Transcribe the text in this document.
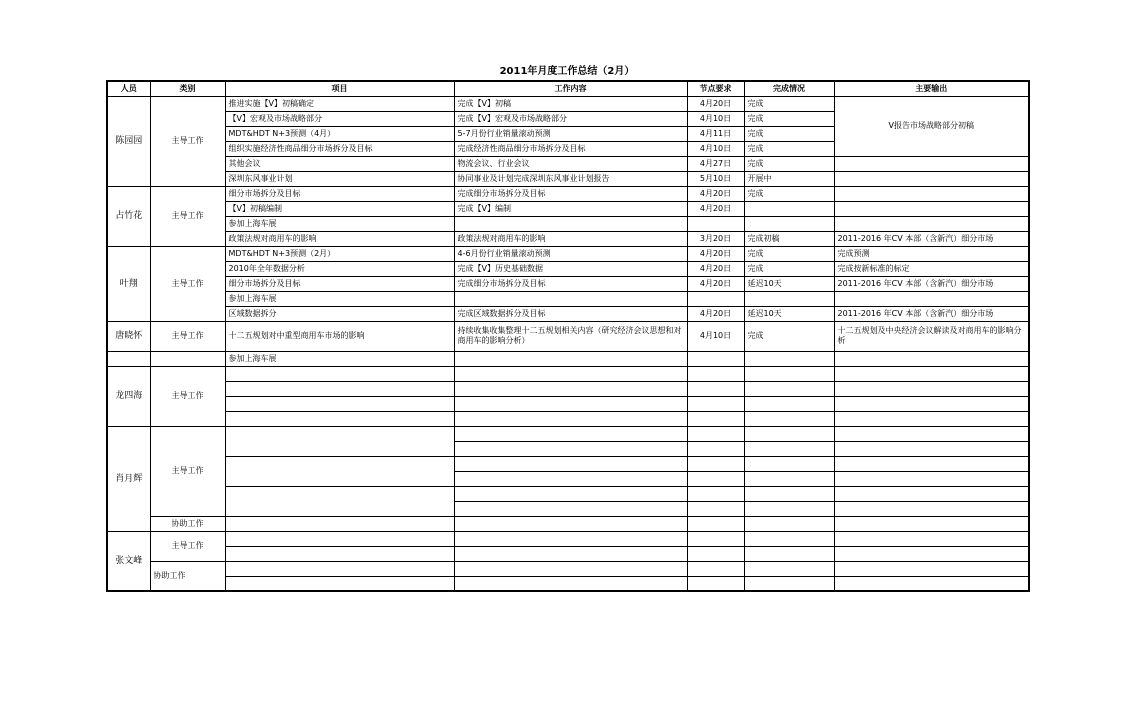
2011年月度工作总结（2月）
人员	类别	项目	工作内容	节点要求	完成情况	主要输出
陈园园	主导工作	推进实施【V】初稿确定	完成【V】初稿	4月20日	完成	V报告市场战略部分初稿
		【V】宏观及市场战略部分	完成【V】宏观及市场战略部分	4月10日	完成	
		MDT&HDT N+3预测（4月）	5-7月份行业销量滚动预测	4月11日	完成	
		组织实施经济性商品细分市场拆分及目标	完成经济性商品细分市场拆分及目标	4月10日	完成	
		其他会议	物流会议、行业会议	4月27日	完成	
		深圳东风事业计划	协同事业及计划完成深圳东风事业计划报告	5月10日	开展中	
占竹花	主导工作	细分市场拆分及目标	完成细分市场拆分及目标	4月20日	完成	
		【V】初稿编制	完成【V】编制	4月20日		
		参加上海车展				
		政策法规对商用车的影响	政策法规对商用车的影响	3月20日	完成初稿	2011-2016 年CV 本部（含新汽）细分市场
叶翔	主导工作	MDT&HDT N+3预测（2月）	4-6月份行业销量滚动预测	4月20日	完成	完成预测
		2010年全年数据分析	完成【V】历史基础数据	4月20日	完成	完成按新标准的标定
		细分市场拆分及目标	完成细分市场拆分及目标	4月20日	延迟10天	2011-2016 年CV 本部（含新汽）细分市场
		参加上海车展				
		区域数据拆分	完成区域数据拆分及目标	4月20日	延迟10天	2011-2016 年CV 本部（含新汽）细分市场
唐晓怀	主导工作	十二五规划对中重型商用车市场的影响	持续收集收集整理十二五规划相关内容（研究经济会议思想和对商用车的影响分析）	4月10日	完成	十二五规划及中央经济会议解读及对商用车的影响分析
		参加上海车展				
龙四海	主导工作					

肖月辉	主导工作					

	协助工作					
张文峰	主导工作					

	协助工作					
